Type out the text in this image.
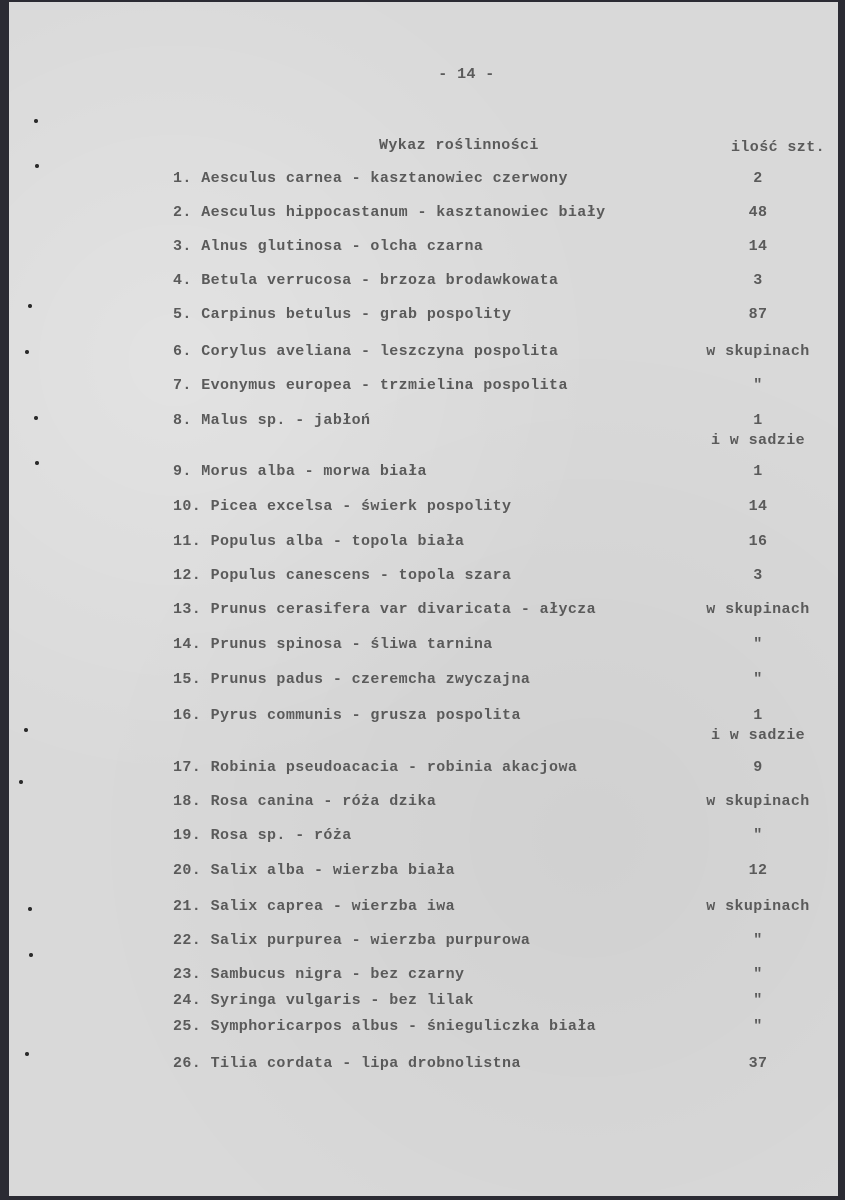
- 14 -
Wykaz roślinności	ilość szt.
1. Aesculus carnea - kasztanowiec czerwony	2
2. Aesculus hippocastanum - kasztanowiec biały	48
3. Alnus glutinosa - olcha czarna	14
4. Betula verrucosa - brzoza brodawkowata	3
5. Carpinus betulus - grab pospolity	87
6. Corylus aveliana - leszczyna pospolita	w skupinach
7. Evonymus europea - trzmielina pospolita	"
8. Malus sp. - jabłoń	1
i w sadzie
9. Morus alba - morwa biała	1
10. Picea excelsa - świerk pospolity	14
11. Populus alba - topola biała	16
12. Populus canescens - topola szara	3
13. Prunus cerasifera var divaricata - ałycza	w skupinach
14. Prunus spinosa - śliwa tarnina	"
15. Prunus padus - czeremcha zwyczajna	"
16. Pyrus communis - grusza pospolita	1
i w sadzie
17. Robinia pseudoacacia - robinia akacjowa	9
18. Rosa canina - róża dzika	w skupinach
19. Rosa sp. - róża	"
20. Salix alba - wierzba biała	12
21. Salix caprea - wierzba iwa	w skupinach
22. Salix purpurea - wierzba purpurowa	"
23. Sambucus nigra - bez czarny	"
24. Syringa vulgaris - bez lilak	"
25. Symphoricarpos albus - śnieguliczka biała	"
26. Tilia cordata - lipa drobnolistna	37
